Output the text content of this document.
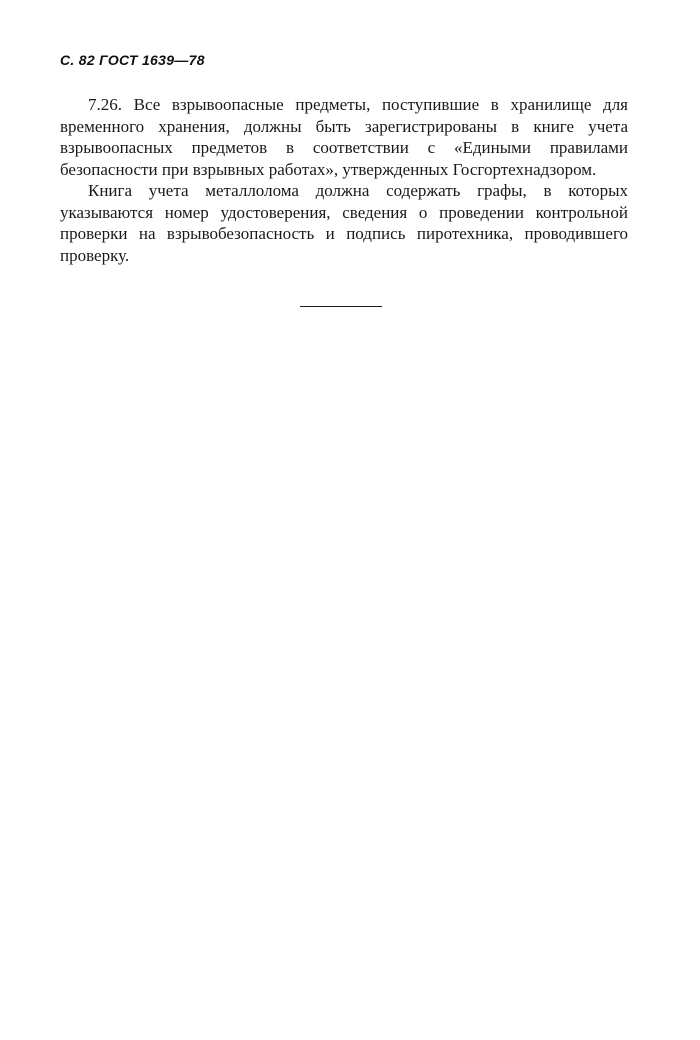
С. 82 ГОСТ 1639—78

7.26. Все взрывоопасные предметы, поступившие в хранилище для временного хранения, должны быть зарегистрированы в книге учета взрывоопасных предметов в соответствии с «Едиными правилами безопасности при взрывных работах», утвержденных Госгортехнадзором.

Книга учета металлолома должна содержать графы, в которых указываются номер удостоверения, сведения о проведении контрольной проверки на взрывобезопасность и подпись пиротехника, проводившего проверку.
